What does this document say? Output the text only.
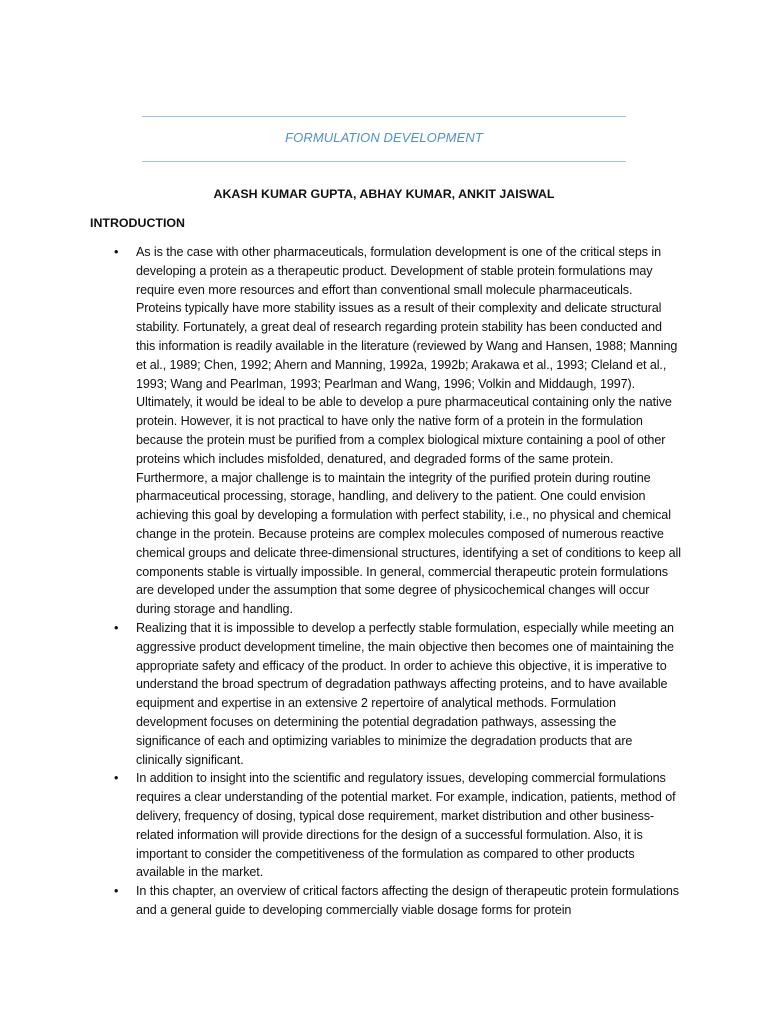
FORMULATION DEVELOPMENT
AKASH KUMAR GUPTA, ABHAY KUMAR, ANKIT JAISWAL
INTRODUCTION
•	As is the case with other pharmaceuticals, formulation development is one of the critical steps in developing a protein as a therapeutic product. Development of stable protein formulations may require even more resources and effort than conventional small molecule pharmaceuticals. Proteins typically have more stability issues as a result of their complexity and delicate structural stability. Fortunately, a great deal of research regarding protein stability has been conducted and this information is readily available in the literature (reviewed by Wang and Hansen, 1988; Manning et al., 1989; Chen, 1992; Ahern and Manning, 1992a, 1992b; Arakawa et al., 1993; Cleland et al., 1993; Wang and Pearlman, 1993; Pearlman and Wang, 1996; Volkin and Middaugh, 1997). Ultimately, it would be ideal to be able to develop a pure pharmaceutical containing only the native protein. However, it is not practical to have only the native form of a protein in the formulation because the protein must be purified from a complex biological mixture containing a pool of other proteins which includes misfolded, denatured, and degraded forms of the same protein. Furthermore, a major challenge is to maintain the integrity of the purified protein during routine pharmaceutical processing, storage, handling, and delivery to the patient. One could envision achieving this goal by developing a formulation with perfect stability, i.e., no physical and chemical change in the protein. Because proteins are complex molecules composed of numerous reactive chemical groups and delicate three-dimensional structures, identifying a set of conditions to keep all components stable is virtually impossible. In general, commercial therapeutic protein formulations are developed under the assumption that some degree of physicochemical changes will occur during storage and handling.
•	Realizing that it is impossible to develop a perfectly stable formulation, especially while meeting an aggressive product development timeline, the main objective then becomes one of maintaining the appropriate safety and efficacy of the product. In order to achieve this objective, it is imperative to understand the broad spectrum of degradation pathways affecting proteins, and to have available equipment and expertise in an extensive 2 repertoire of analytical methods. Formulation development focuses on determining the potential degradation pathways, assessing the significance of each and optimizing variables to minimize the degradation products that are clinically significant.
•	In addition to insight into the scientific and regulatory issues, developing commercial formulations requires a clear understanding of the potential market. For example, indication, patients, method of delivery, frequency of dosing, typical dose requirement, market distribution and other business-related information will provide directions for the design of a successful formulation. Also, it is important to consider the competitiveness of the formulation as compared to other products available in the market.
•	In this chapter, an overview of critical factors affecting the design of therapeutic protein formulations and a general guide to developing commercially viable dosage forms for protein
